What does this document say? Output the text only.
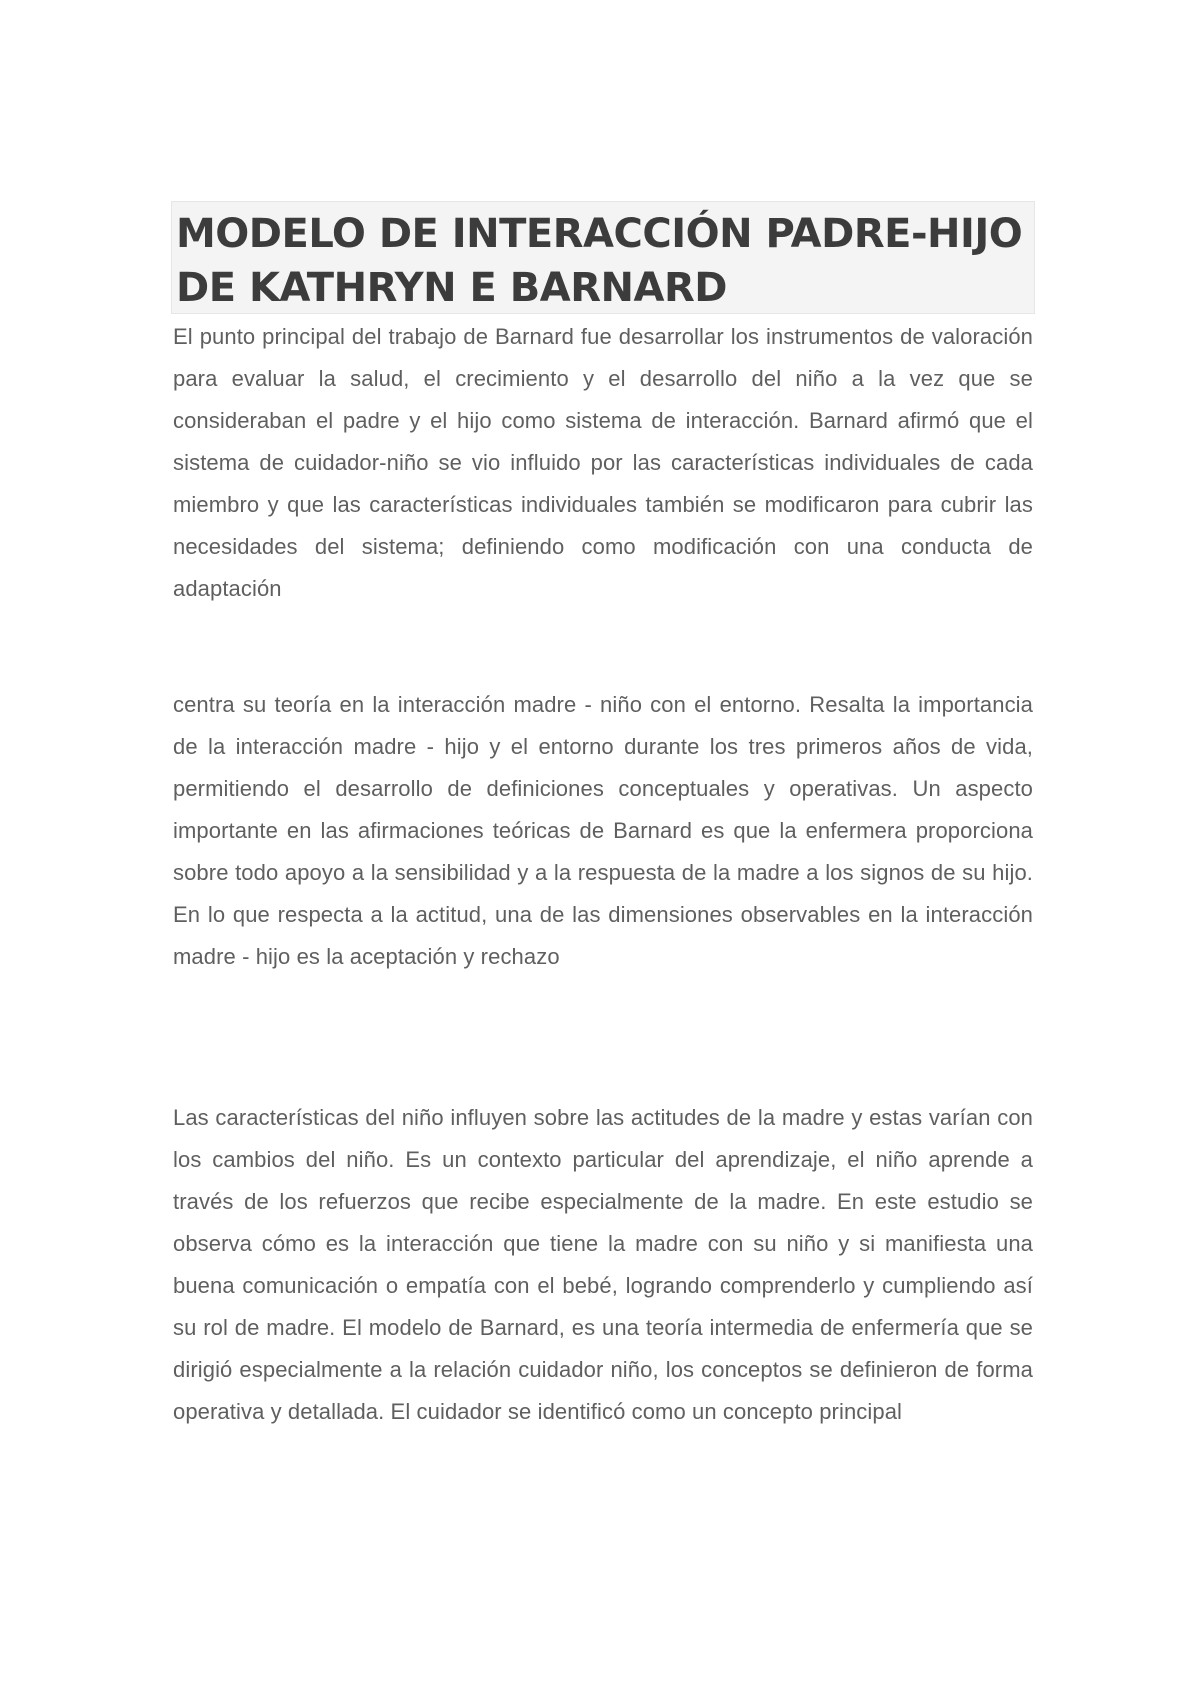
MODELO DE INTERACCIÓN PADRE-HIJO DE KATHRYN E BARNARD

El punto principal del trabajo de Barnard fue desarrollar los instrumentos de valoración para evaluar la salud, el crecimiento y el desarrollo del niño a la vez que se consideraban el padre y el hijo como sistema de interacción. Barnard afirmó que el sistema de cuidador-niño se vio influido por las características individuales de cada miembro y que las características individuales también se modificaron para cubrir las necesidades del sistema; definiendo como modificación con una conducta de adaptación

centra su teoría en la interacción madre - niño con el entorno. Resalta la importancia de la interacción madre - hijo y el entorno durante los tres primeros años de vida, permitiendo el desarrollo de definiciones conceptuales y operativas. Un aspecto importante en las afirmaciones teóricas de Barnard es que la enfermera proporciona sobre todo apoyo a la sensibilidad y a la respuesta de la madre a los signos de su hijo. En lo que respecta a la actitud, una de las dimensiones observables en la interacción madre - hijo es la aceptación y rechazo

Las características del niño influyen sobre las actitudes de la madre y estas varían con los cambios del niño. Es un contexto particular del aprendizaje, el niño aprende a través de los refuerzos que recibe especialmente de la madre. En este estudio se observa cómo es la interacción que tiene la madre con su niño y si manifiesta una buena comunicación o empatía con el bebé, logrando comprenderlo y cumpliendo así su rol de madre. El modelo de Barnard, es una teoría intermedia de enfermería que se dirigió especialmente a la relación cuidador niño, los conceptos se definieron de forma operativa y detallada. El cuidador se identificó como un concepto principal
